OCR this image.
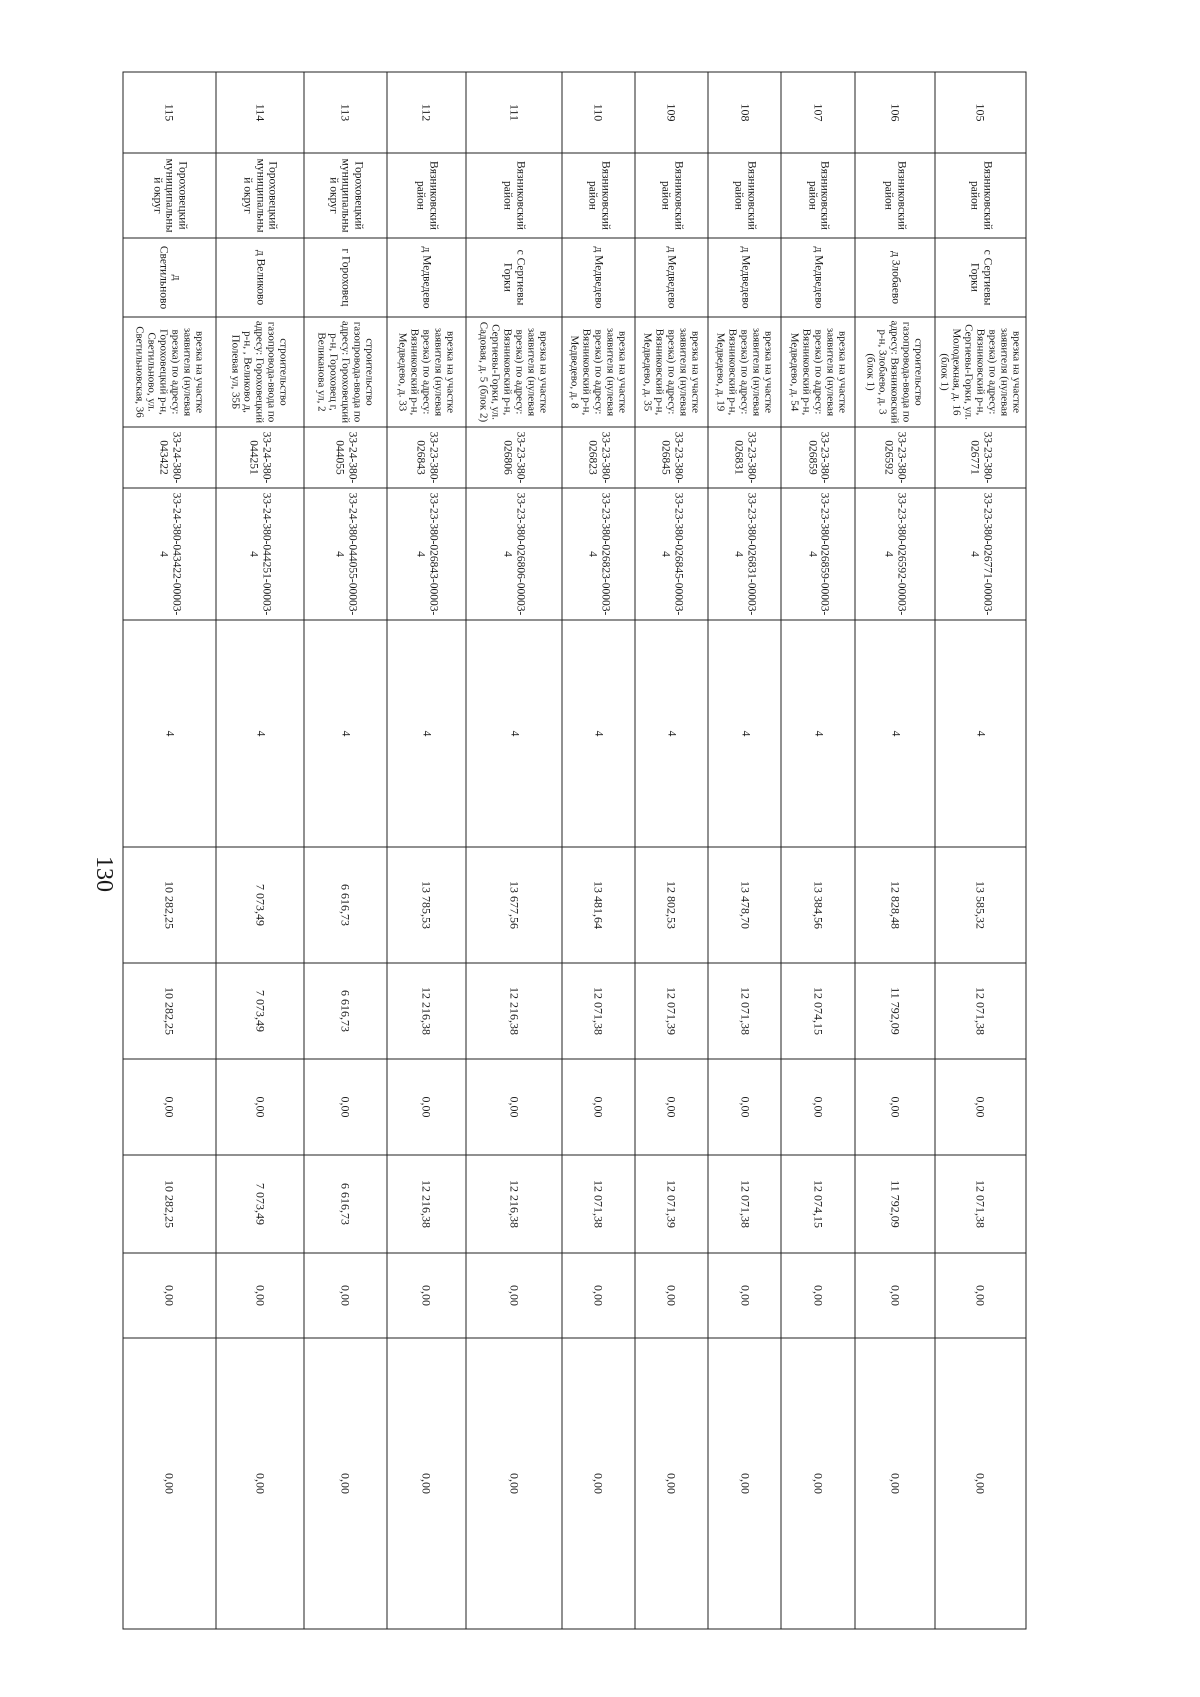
130
105	Вязниковский район	с Сергиевы Горки	врезка на участке заявителя (нулевая врезка) по адресу: Вязниковский р-н, Сергиевы-Горки, ул. Молодежная, д. 16 (блок 1)	33-23-380-026771	33-23-380-026771-00003-4	4	13 585,32	12 071,38	0,00	12 071,38	0,00	0,00
106	Вязниковский район	д Злобаево	строительство газопровода-ввода по адресу: Вязниковский р-н, Злобаево, д. 3 (блок 1)	33-23-380-026592	33-23-380-026592-00003-4	4	12 828,48	11 792,09	0,00	11 792,09	0,00	0,00
107	Вязниковский район	д Медведево	врезка на участке заявителя (нулевая врезка) по адресу: Вязниковский р-н, Медведево, д. 54	33-23-380-026859	33-23-380-026859-00003-4	4	13 384,56	12 074,15	0,00	12 074,15	0,00	0,00
108	Вязниковский район	д Медведево	врезка на участке заявителя (нулевая врезка) по адресу: Вязниковский р-н, Медведево, д. 19	33-23-380-026831	33-23-380-026831-00003-4	4	13 478,70	12 071,38	0,00	12 071,38	0,00	0,00
109	Вязниковский район	д Медведево	врезка на участке заявителя (нулевая врезка) по адресу: Вязниковский р-н, Медведево, д. 35	33-23-380-026845	33-23-380-026845-00003-4	4	12 802,53	12 071,39	0,00	12 071,39	0,00	0,00
110	Вязниковский район	д Медведево	врезка на участке заявителя (нулевая врезка) по адресу: Вязниковский р-н, Медведево, д. 8	33-23-380-026823	33-23-380-026823-00003-4	4	13 481,64	12 071,38	0,00	12 071,38	0,00	0,00
111	Вязниковский район	с Сергиевы Горки	врезка на участке заявителя (нулевая врезка) по адресу: Вязниковский р-н, Сергиевы-Горки, ул. Садовая, д. 5 (блок 2)	33-23-380-026806	33-23-380-026806-00003-4	4	13 677,56	12 216,38	0,00	12 216,38	0,00	0,00
112	Вязниковский район	д Медведево	врезка на участке заявителя (нулевая врезка) по адресу: Вязниковский р-н, Медведево, д. 33	33-23-380-026843	33-23-380-026843-00003-4	4	13 785,53	12 216,38	0,00	12 216,38	0,00	0,00
113	Гороховецкий муниципальный округ	г Гороховец	строительство газопровода-ввода по адресу: Гороховецкий р-н, Гороховец г, Великанова ул, 2	33-24-380-044055	33-24-380-044055-00003-4	4	6 616,73	6 616,73	0,00	6 616,73	0,00	0,00
114	Гороховецкий муниципальный округ	д Великово	строительство газопровода-ввода по адресу: Гороховецкий р-н, , Великово д, Полевая ул, 35Б	33-24-380-044251	33-24-380-044251-00003-4	4	7 073,49	7 073,49	0,00	7 073,49	0,00	0,00
115	Гороховецкий муниципальный округ	д Светильново	врезка на участке заявителя (нулевая врезка) по адресу: Гороховецкий р-н, Светильново, ул. Светильновская, 36	33-24-380-043422	33-24-380-043422-00003-4	4	10 282,25	10 282,25	0,00	10 282,25	0,00	0,00
